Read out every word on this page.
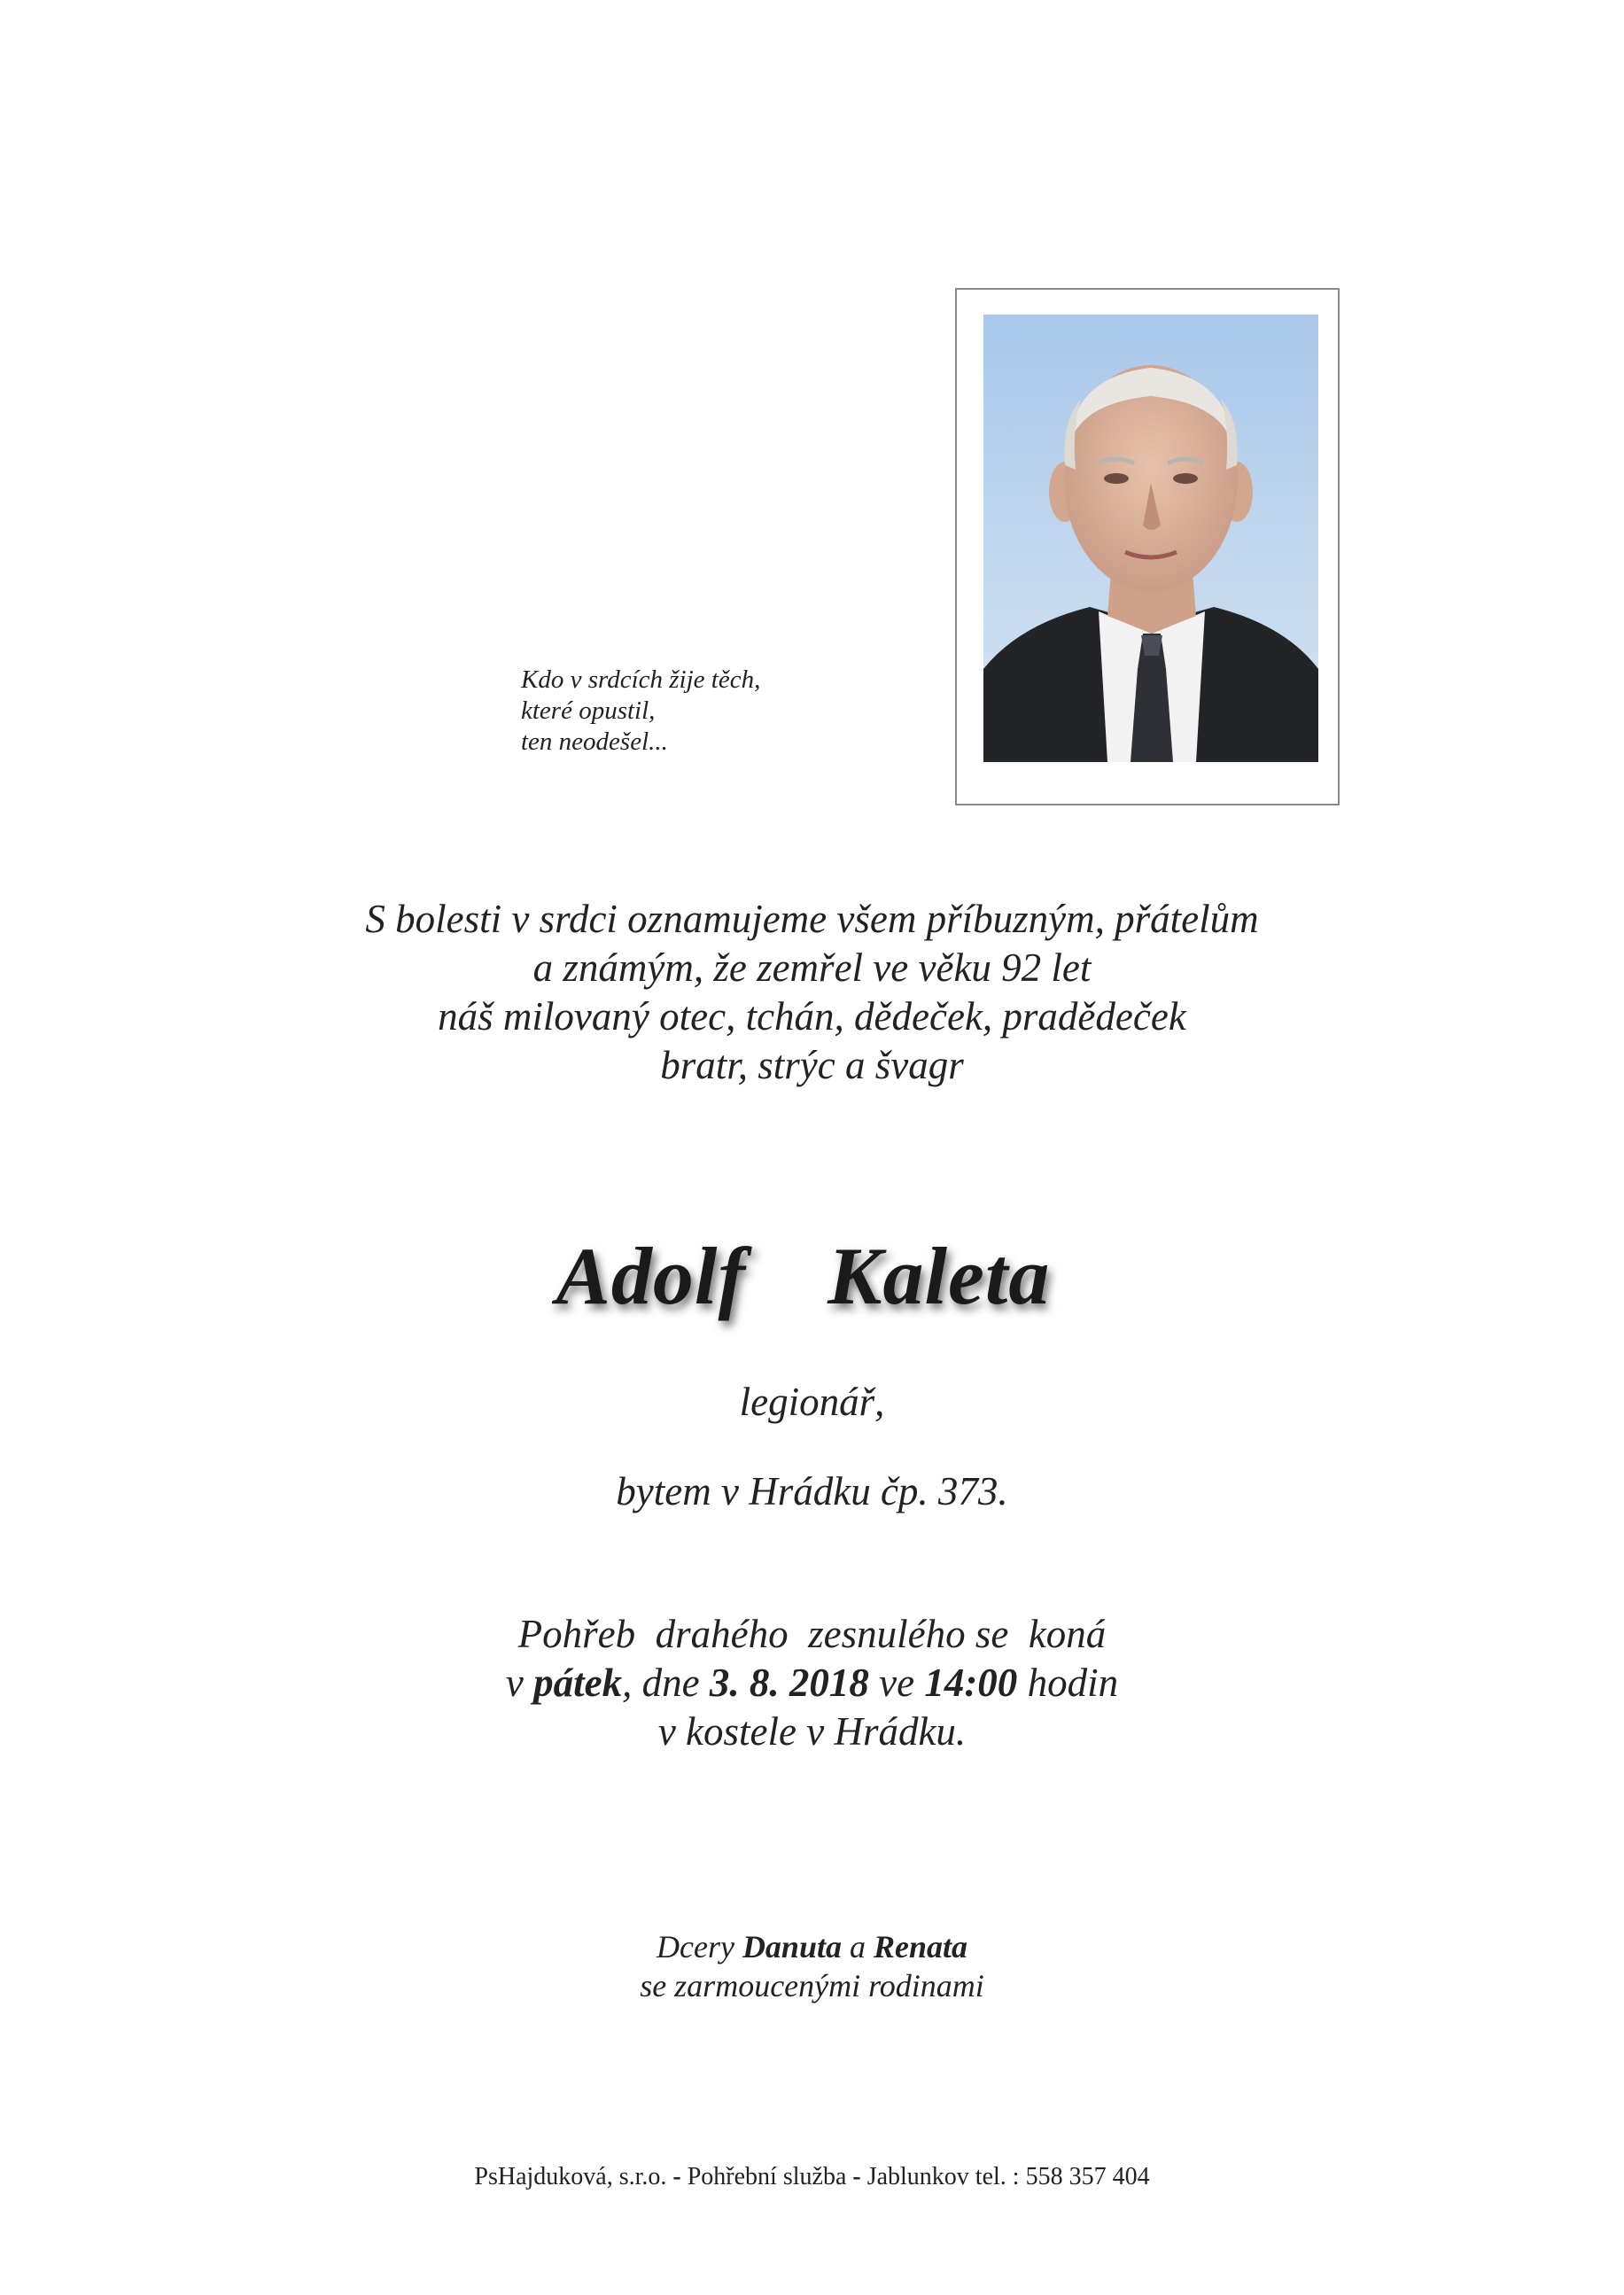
Kdo v srdcích žije těch,
které opustil,
ten neodešel...
S bolesti v srdci oznamujeme všem příbuzným, přátelům
a známým, že zemřel ve věku 92 let
náš milovaný otec, tchán, dědeček, pradědeček
bratr, strýc a švagr
Adolf  Kaleta
legionář,
bytem v Hrádku čp. 373.
Pohřeb  drahého  zesnulého se  koná
v pátek, dne 3. 8. 2018 ve 14:00 hodin
v kostele v Hrádku.
Dcery Danuta a Renata
se zarmoucenými rodinami
PsHajduková, s.r.o. - Pohřební služba - Jablunkov tel. : 558 357 404
